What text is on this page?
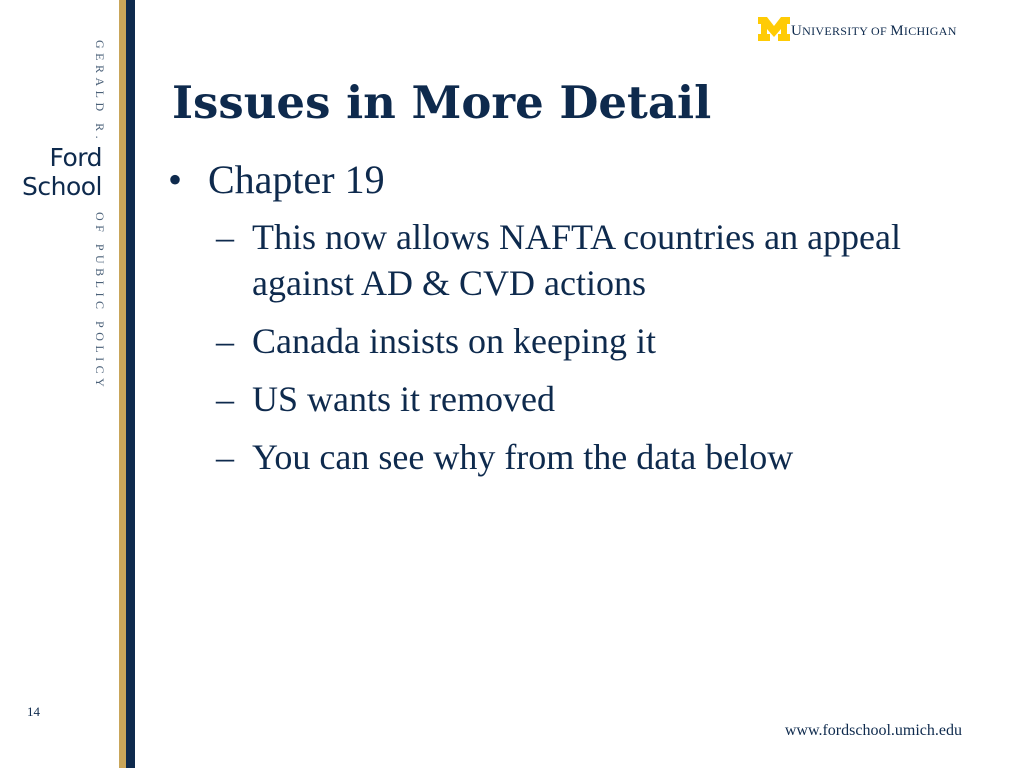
GERALD R.
Ford
School
OF PUBLIC POLICY
UNIVERSITY OF MICHIGAN
Issues in More Detail
• Chapter 19
– This now allows NAFTA countries an appeal against AD & CVD actions
– Canada insists on keeping it
– US wants it removed
– You can see why from the data below
14
www.fordschool.umich.edu
